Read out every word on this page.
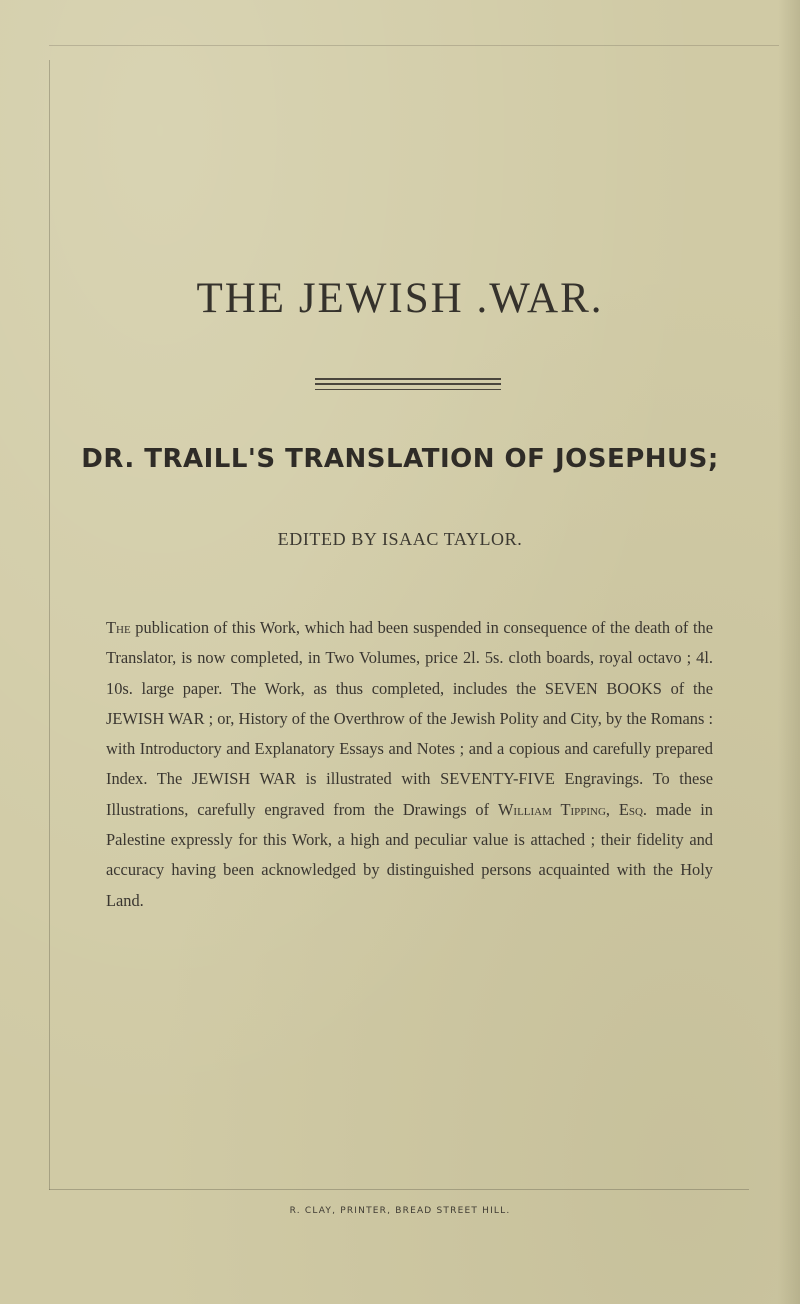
THE JEWISH .WAR.
DR. TRAILL'S TRANSLATION OF JOSEPHUS;
EDITED BY ISAAC TAYLOR.
The publication of this Work, which had been suspended in consequence of the death of the Translator, is now completed, in Two Volumes, price 2l. 5s. cloth boards, royal octavo ; 4l. 10s. large paper. The Work, as thus completed, includes the SEVEN BOOKS of the JEWISH WAR ; or, History of the Overthrow of the Jewish Polity and City, by the Romans : with Introductory and Explanatory Essays and Notes ; and a copious and carefully prepared Index. The JEWISH WAR is illustrated with SEVENTY-FIVE Engravings. To these Illustrations, carefully engraved from the Drawings of William Tipping, Esq. made in Palestine expressly for this Work, a high and peculiar value is attached ; their fidelity and accuracy having been acknowledged by distinguished persons acquainted with the Holy Land.
R. CLAY, PRINTER, BREAD STREET HILL.
